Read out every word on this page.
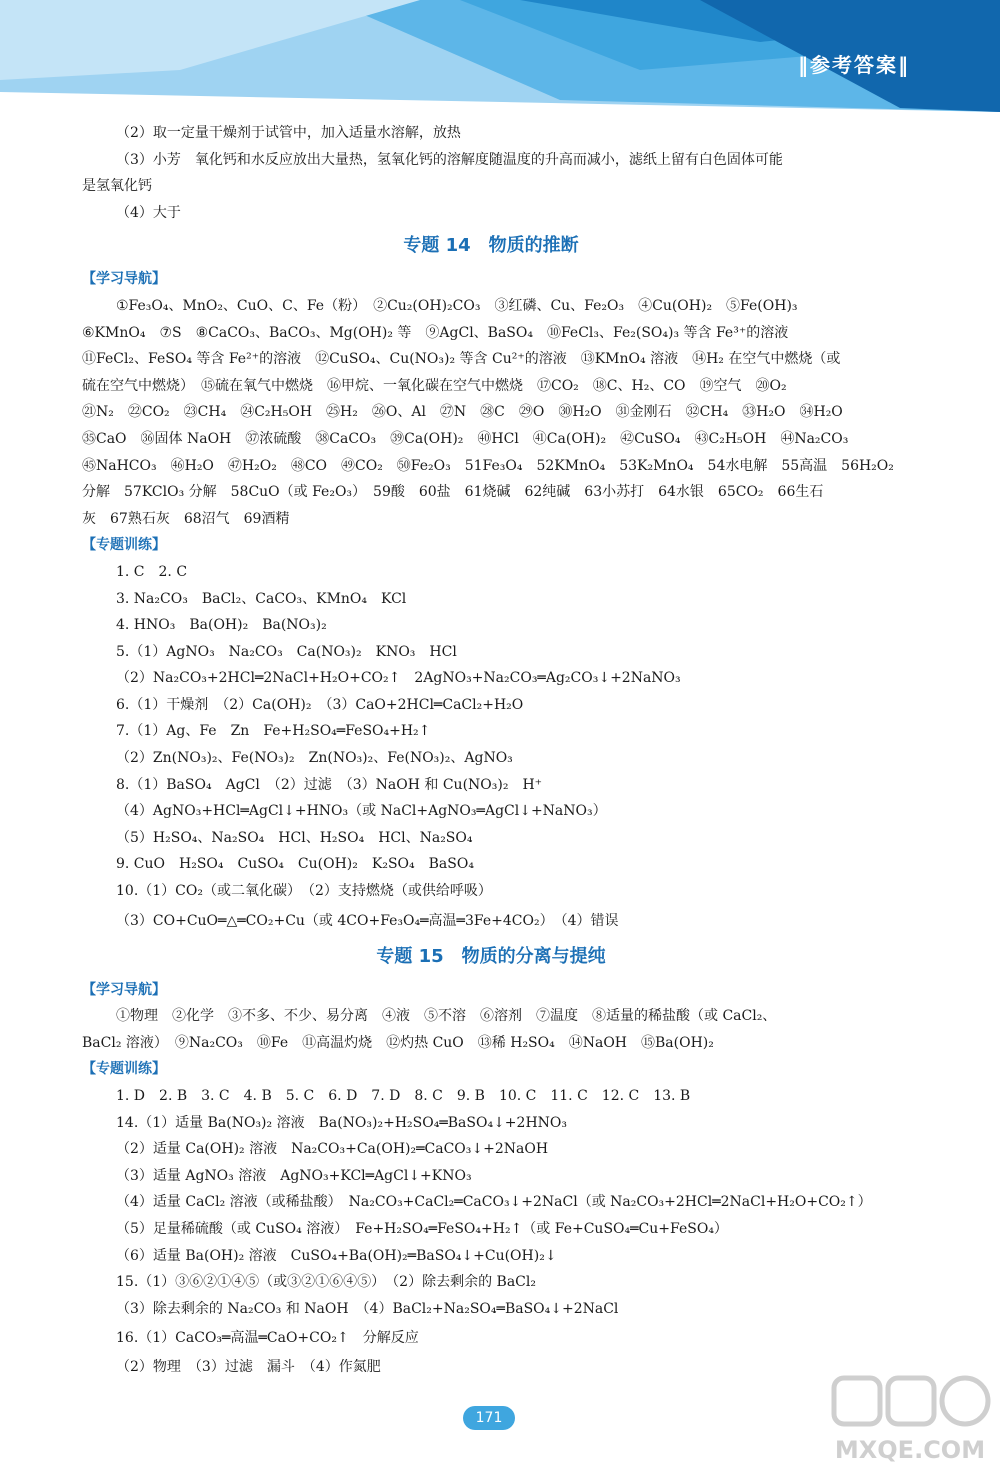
‖参考答案‖
（2）取一定量干燥剂于试管中，加入适量水溶解，放热
（3）小芳　氧化钙和水反应放出大量热，氢氧化钙的溶解度随温度的升高而减小，滤纸上留有白色固体可能
是氢氧化钙
（4）大于
专题 14　物质的推断
【学习导航】
①Fe₃O₄、MnO₂、CuO、C、Fe（粉）　②Cu₂(OH)₂CO₃　③红磷、Cu、Fe₂O₃　④Cu(OH)₂　⑤Fe(OH)₃
⑥KMnO₄　⑦S　⑧CaCO₃、BaCO₃、Mg(OH)₂ 等　⑨AgCl、BaSO₄　⑩FeCl₃、Fe₂(SO₄)₃ 等含 Fe³⁺的溶液
⑪FeCl₂、FeSO₄ 等含 Fe²⁺的溶液　⑫CuSO₄、Cu(NO₃)₂ 等含 Cu²⁺的溶液　⑬KMnO₄ 溶液　⑭H₂ 在空气中燃烧（或
硫在空气中燃烧）　⑮硫在氧气中燃烧　⑯甲烷、一氧化碳在空气中燃烧　⑰CO₂　⑱C、H₂、CO　⑲空气　⑳O₂
㉑N₂　㉒CO₂　㉓CH₄　㉔C₂H₅OH　㉕H₂　㉖O、Al　㉗N　㉘C　㉙O　㉚H₂O　㉛金刚石　㉜CH₄　㉝H₂O　㉞H₂O
㉟CaO　㊱固体 NaOH　㊲浓硫酸　㊳CaCO₃　㊴Ca(OH)₂　㊵HCl　㊶Ca(OH)₂　㊷CuSO₄　㊸C₂H₅OH　㊹Na₂CO₃
㊺NaHCO₃　㊻H₂O　㊼H₂O₂　㊽CO　㊾CO₂　㊿Fe₂O₃　51Fe₃O₄　52KMnO₄　53K₂MnO₄　54水电解　55高温　56H₂O₂
分解　57KClO₃ 分解　58CuO（或 Fe₂O₃）　59酸　60盐　61烧碱　62纯碱　63小苏打　64水银　65CO₂　66生石
灰　67熟石灰　68沼气　69酒精
【专题训练】
1. C　2. C
3. Na₂CO₃　BaCl₂、CaCO₃、KMnO₄　KCl
4. HNO₃　Ba(OH)₂　Ba(NO₃)₂
5.（1）AgNO₃　Na₂CO₃　Ca(NO₃)₂　KNO₃　HCl
（2）Na₂CO₃+2HCl═2NaCl+H₂O+CO₂↑　2AgNO₃+Na₂CO₃═Ag₂CO₃↓+2NaNO₃
6.（1）干燥剂　（2）Ca(OH)₂　（3）CaO+2HCl═CaCl₂+H₂O
7.（1）Ag、Fe　Zn　Fe+H₂SO₄═FeSO₄+H₂↑
（2）Zn(NO₃)₂、Fe(NO₃)₂　Zn(NO₃)₂、Fe(NO₃)₂、AgNO₃
8.（1）BaSO₄　AgCl　（2）过滤　（3）NaOH 和 Cu(NO₃)₂　H⁺
（4）AgNO₃+HCl═AgCl↓+HNO₃（或 NaCl+AgNO₃═AgCl↓+NaNO₃）
（5）H₂SO₄、Na₂SO₄　HCl、H₂SO₄　HCl、Na₂SO₄
9. CuO　H₂SO₄　CuSO₄　Cu(OH)₂　K₂SO₄　BaSO₄
10.（1）CO₂（或二氧化碳）　（2）支持燃烧（或供给呼吸）
（3）CO+CuO═△═CO₂+Cu（或 4CO+Fe₃O₄═高温═3Fe+4CO₂）　（4）错误
专题 15　物质的分离与提纯
【学习导航】
①物理　②化学　③不多、不少、易分离　④液　⑤不溶　⑥溶剂　⑦温度　⑧适量的稀盐酸（或 CaCl₂、
BaCl₂ 溶液）　⑨Na₂CO₃　⑩Fe　⑪高温灼烧　⑫灼热 CuO　⑬稀 H₂SO₄　⑭NaOH　⑮Ba(OH)₂
【专题训练】
1. D　2. B　3. C　4. B　5. C　6. D　7. D　8. C　9. B　10. C　11. C　12. C　13. B
14.（1）适量 Ba(NO₃)₂ 溶液　Ba(NO₃)₂+H₂SO₄═BaSO₄↓+2HNO₃
（2）适量 Ca(OH)₂ 溶液　Na₂CO₃+Ca(OH)₂═CaCO₃↓+2NaOH
（3）适量 AgNO₃ 溶液　AgNO₃+KCl═AgCl↓+KNO₃
（4）适量 CaCl₂ 溶液（或稀盐酸）　Na₂CO₃+CaCl₂═CaCO₃↓+2NaCl（或 Na₂CO₃+2HCl═2NaCl+H₂O+CO₂↑）
（5）足量稀硫酸（或 CuSO₄ 溶液）　Fe+H₂SO₄═FeSO₄+H₂↑（或 Fe+CuSO₄═Cu+FeSO₄）
（6）适量 Ba(OH)₂ 溶液　CuSO₄+Ba(OH)₂═BaSO₄↓+Cu(OH)₂↓
15.（1）③⑥②①④⑤（或③②①⑥④⑤）　（2）除去剩余的 BaCl₂
（3）除去剩余的 Na₂CO₃ 和 NaOH　（4）BaCl₂+Na₂SO₄═BaSO₄↓+2NaCl
16.（1）CaCO₃═高温═CaO+CO₂↑　分解反应
（2）物理　（3）过滤　漏斗　（4）作氮肥
171
MXQE.COM
